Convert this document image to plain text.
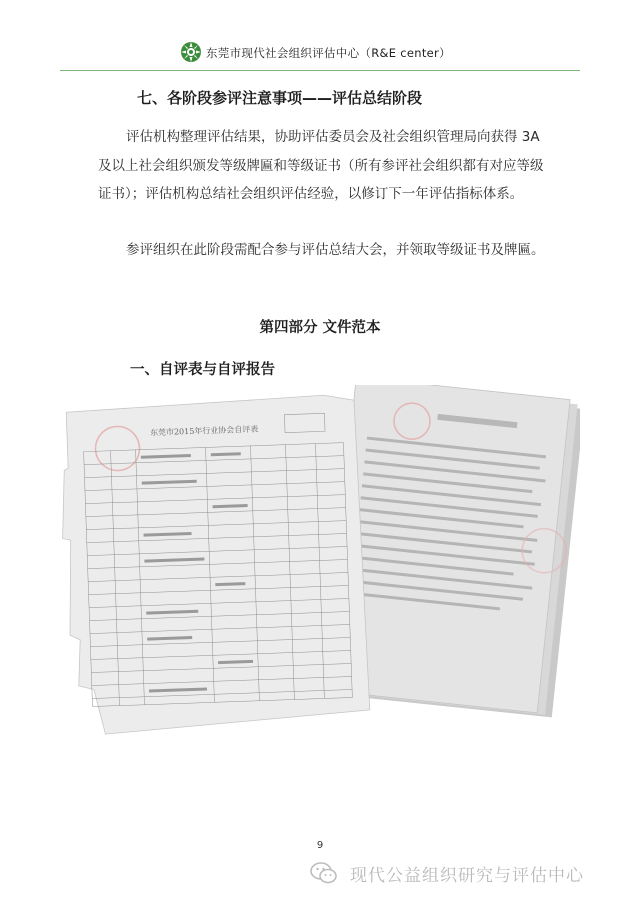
东莞市现代社会组织评估中心（R&E center）
七、各阶段参评注意事项——评估总结阶段
评估机构整理评估结果，协助评估委员会及社会组织管理局向获得 3A 及以上社会组织颁发等级牌匾和等级证书（所有参评社会组织都有对应等级证书）；评估机构总结社会组织评估经验，以修订下一年评估指标体系。
参评组织在此阶段需配合参与评估总结大会，并领取等级证书及牌匾。
第四部分 文件范本
一、自评表与自评报告
东莞市2015年行业协会自评表
9
现代公益组织研究与评估中心
